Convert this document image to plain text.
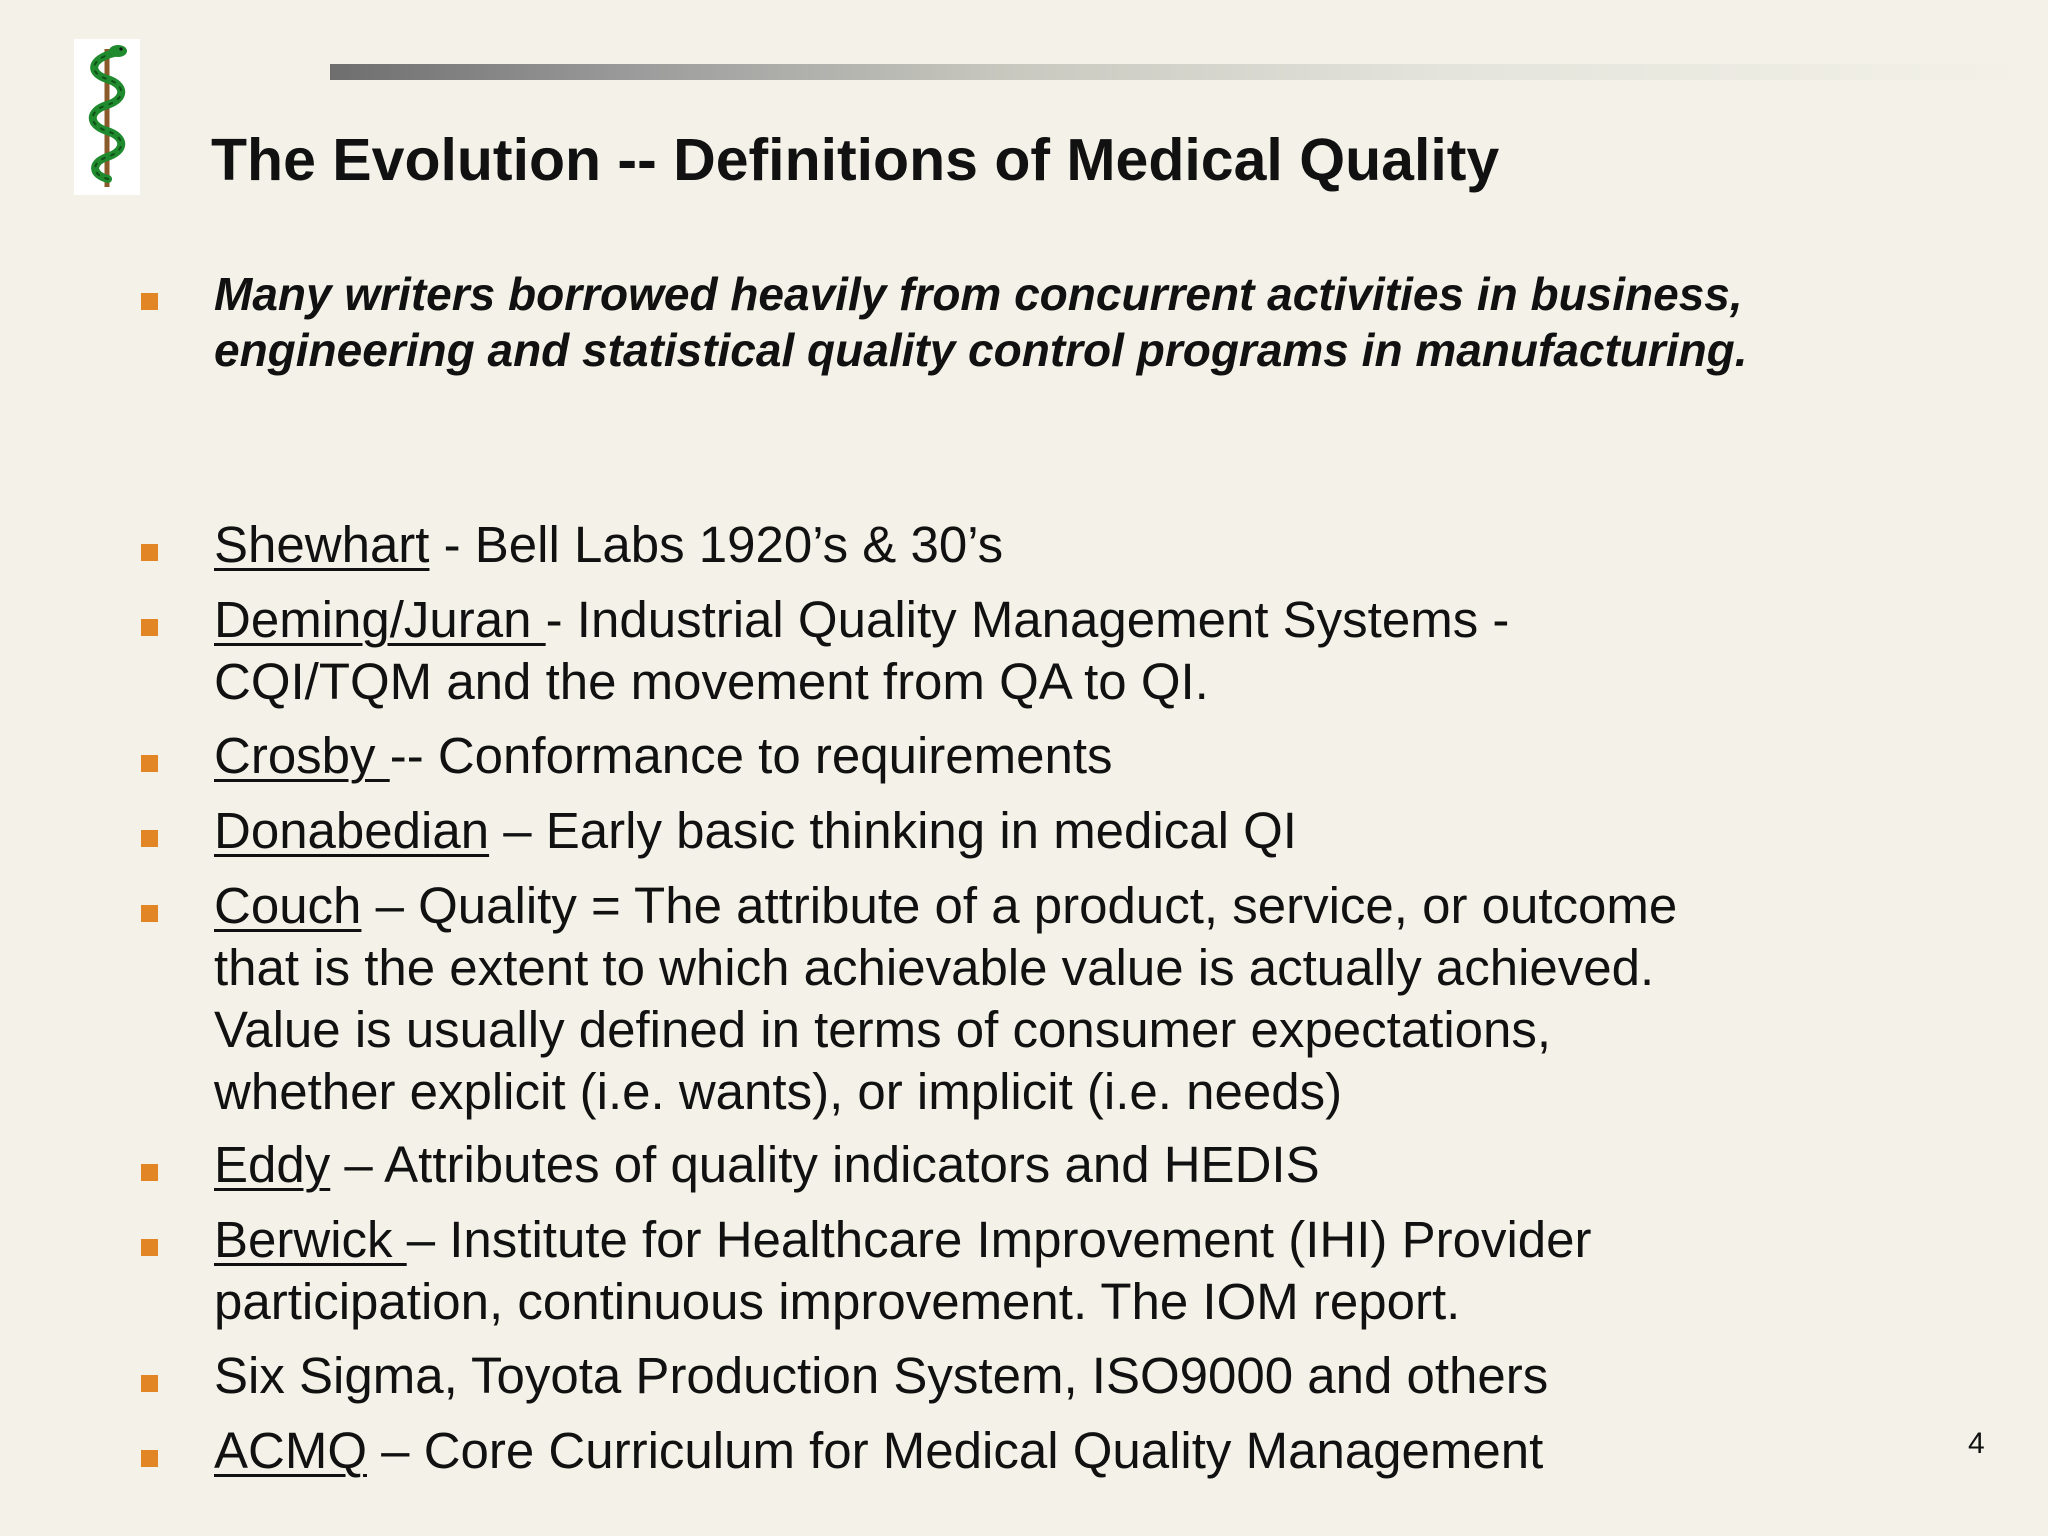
The Evolution -- Definitions of Medical Quality

Many writers borrowed heavily from concurrent activities in business, engineering and statistical quality control programs in manufacturing.

Shewhart - Bell Labs 1920’s & 30’s

Deming/Juran - Industrial Quality Management Systems -
CQI/TQM and the movement from QA to QI.

Crosby -- Conformance to requirements

Donabedian – Early basic thinking in medical QI

Couch – Quality = The attribute of a product, service, or outcome
that is the extent to which achievable value is actually achieved.
Value is usually defined in terms of consumer expectations,
whether explicit (i.e. wants), or implicit (i.e. needs)

Eddy – Attributes of quality indicators and HEDIS

Berwick – Institute for Healthcare Improvement (IHI) Provider
participation, continuous improvement. The IOM report.

Six Sigma, Toyota Production System, ISO9000 and others

ACMQ – Core Curriculum for Medical Quality Management	4
